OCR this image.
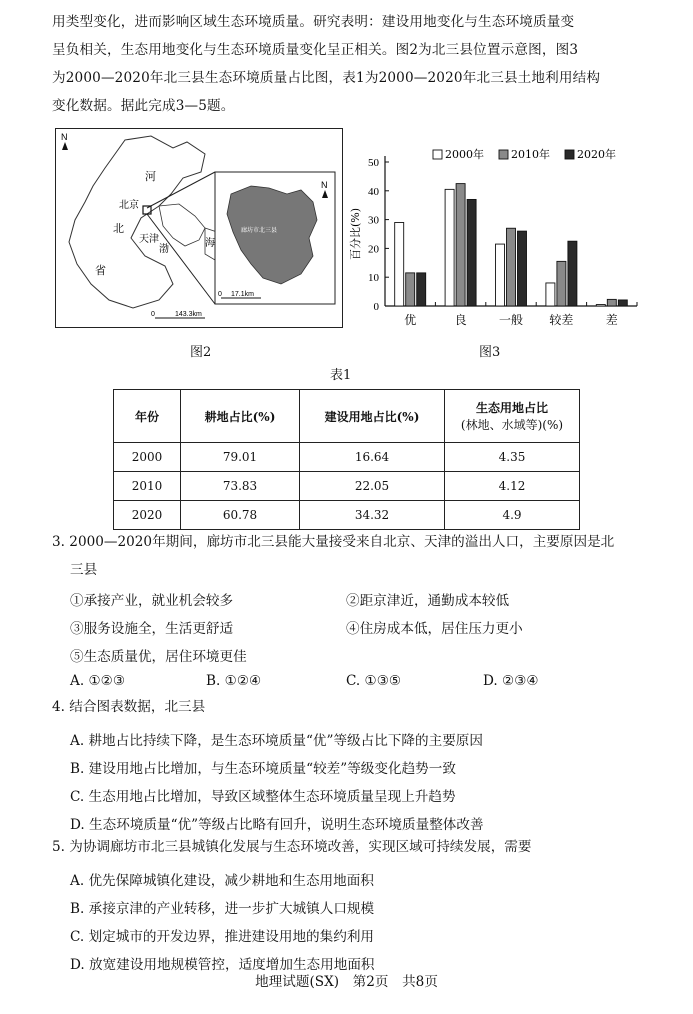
用类型变化，进而影响区域生态环境质量。研究表明：建设用地变化与生态环境质量变
呈负相关，生态用地变化与生态环境质量变化呈正相关。图2为北三县位置示意图，图3
为2000—2020年北三县生态环境质量占比图，表1为2000—2020年北三县土地利用结构
变化数据。据此完成3—5题。
N
N
河
北京
北
天津
渤
海
省
廊坊市北三县
0	143.3km
0 17.1km
图2
0
10
20
30
40
50
百分比(%)
优	良	一般 较差	差
2000年 2010年 2020年
图3
表1
年份	耕地占比(%)	建设用地占比(%)	生态用地占比
(林地、水域等)(%)

2000	79.01	16.64	4.35
2010	73.83	22.05	4.12
2020	60.78	34.32	4.9
3. 2000—2020年期间，廊坊市北三县能大量接受来自北京、天津的溢出人口，主要原因是北
三县
①承接产业，就业机会较多	②距京津近，通勤成本较低
③服务设施全，生活更舒适	④住房成本低，居住压力更小
⑤生态质量优，居住环境更佳
A. ①②③	B. ①②④	C. ①③⑤	D. ②③④
4. 结合图表数据，北三县
A. 耕地占比持续下降，是生态环境质量“优”等级占比下降的主要原因
B. 建设用地占比增加，与生态环境质量“较差”等级变化趋势一致
C. 生态用地占比增加，导致区域整体生态环境质量呈现上升趋势
D. 生态环境质量“优”等级占比略有回升，说明生态环境质量整体改善
5. 为协调廊坊市北三县城镇化发展与生态环境改善，实现区域可持续发展，需要
A. 优先保障城镇化建设，减少耕地和生态用地面积
B. 承接京津的产业转移，进一步扩大城镇人口规模
C. 划定城市的开发边界，推进建设用地的集约利用
D. 放宽建设用地规模管控，适度增加生态用地面积
地理试题(SX)　第2页　共8页
